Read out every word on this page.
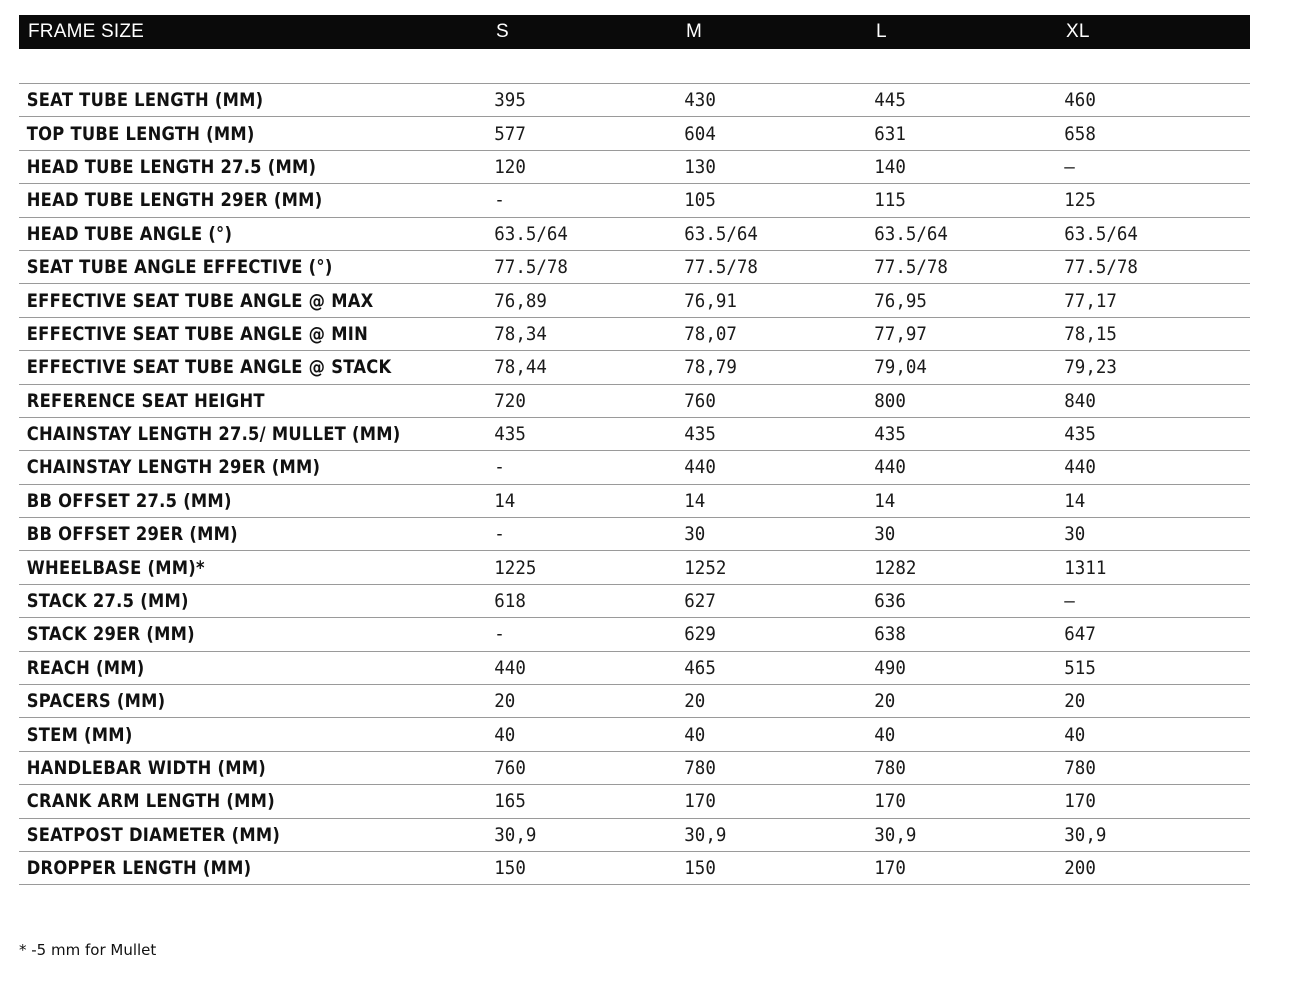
FRAME SIZE	S	M	L	XL
SEAT TUBE LENGTH (MM)	395	430	445	460
TOP TUBE LENGTH (MM)	577	604	631	658
HEAD TUBE LENGTH 27.5 (MM)	120	130	140	–
HEAD TUBE LENGTH 29ER (MM)	-	105	115	125
HEAD TUBE ANGLE (°)	63.5/64	63.5/64	63.5/64	63.5/64
SEAT TUBE ANGLE EFFECTIVE (°)	77.5/78	77.5/78	77.5/78	77.5/78
EFFECTIVE SEAT TUBE ANGLE @ MAX	76,89	76,91	76,95	77,17
EFFECTIVE SEAT TUBE ANGLE @ MIN	78,34	78,07	77,97	78,15
EFFECTIVE SEAT TUBE ANGLE @ STACK	78,44	78,79	79,04	79,23
REFERENCE SEAT HEIGHT	720	760	800	840
CHAINSTAY LENGTH 27.5/ MULLET (MM)	435	435	435	435
CHAINSTAY LENGTH 29ER (MM)	-	440	440	440
BB OFFSET 27.5 (MM)	14	14	14	14
BB OFFSET 29ER (MM)	-	30	30	30
WHEELBASE (MM)*	1225	1252	1282	1311
STACK 27.5 (MM)	618	627	636	–
STACK 29ER (MM)	-	629	638	647
REACH (MM)	440	465	490	515
SPACERS (MM)	20	20	20	20
STEM (MM)	40	40	40	40
HANDLEBAR WIDTH (MM)	760	780	780	780
CRANK ARM LENGTH (MM)	165	170	170	170
SEATPOST DIAMETER (MM)	30,9	30,9	30,9	30,9
DROPPER LENGTH (MM)	150	150	170	200
* -5 mm for Mullet
